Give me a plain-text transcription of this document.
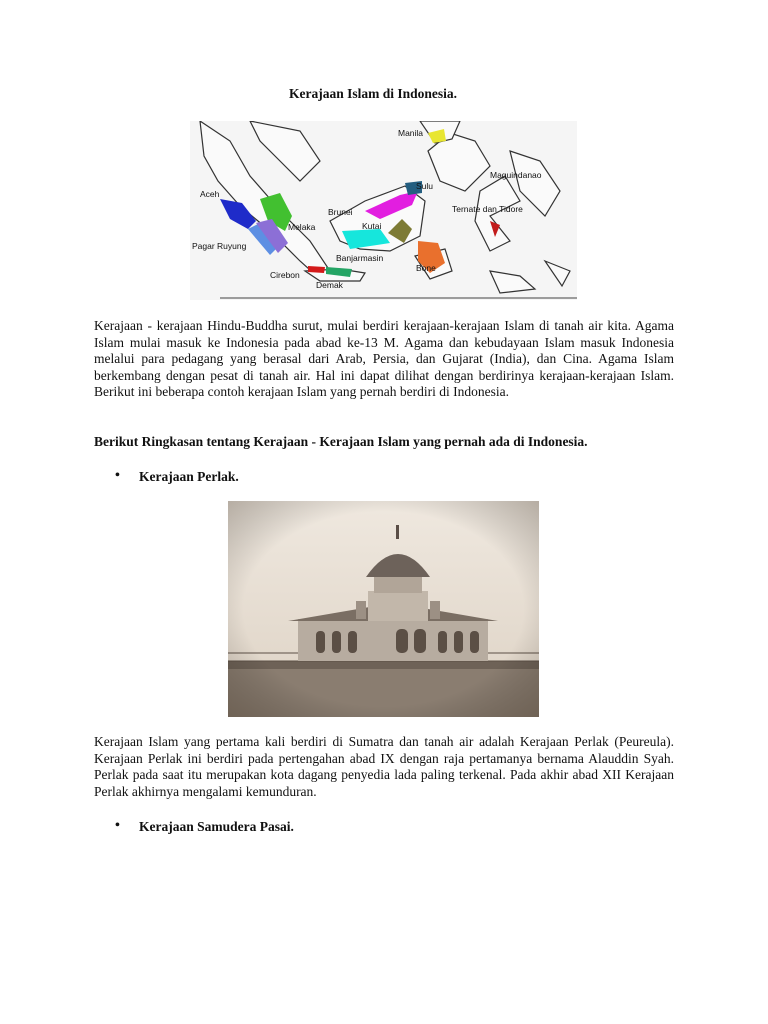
Kerajaan Islam di Indonesia.
Manila
Maguindanao
Sulu
Aceh
Brunei	Ternate dan Tidore
Melaka	Kutai
Pagar Ruyung
Banjarmasin
Bone
Cirebon
Demak

Kerajaan - kerajaan Hindu-Buddha surut, mulai berdiri kerajaan-kerajaan Islam di tanah air kita. Agama Islam mulai masuk ke Indonesia pada abad ke-13 M. Agama dan kebudayaan Islam masuk Indonesia melalui para pedagang yang berasal dari Arab, Persia, dan Gujarat (India), dan Cina. Agama Islam berkembang dengan pesat di tanah air. Hal ini dapat dilihat dengan berdirinya kerajaan-kerajaan Islam. Berikut ini beberapa contoh kerajaan Islam yang pernah berdiri di Indonesia.

Berikut Ringkasan tentang Kerajaan - Kerajaan Islam yang pernah ada di Indonesia.
• Kerajaan Perlak.

Kerajaan Islam yang pertama kali berdiri di Sumatra dan tanah air adalah Kerajaan Perlak (Peureula). Kerajaan Perlak ini berdiri pada pertengahan abad IX dengan raja pertamanya bernama Alauddin Syah. Perlak pada saat itu merupakan kota dagang penyedia lada paling terkenal. Pada akhir abad XII Kerajaan Perlak akhirnya mengalami kemunduran.

• Kerajaan Samudera Pasai.
